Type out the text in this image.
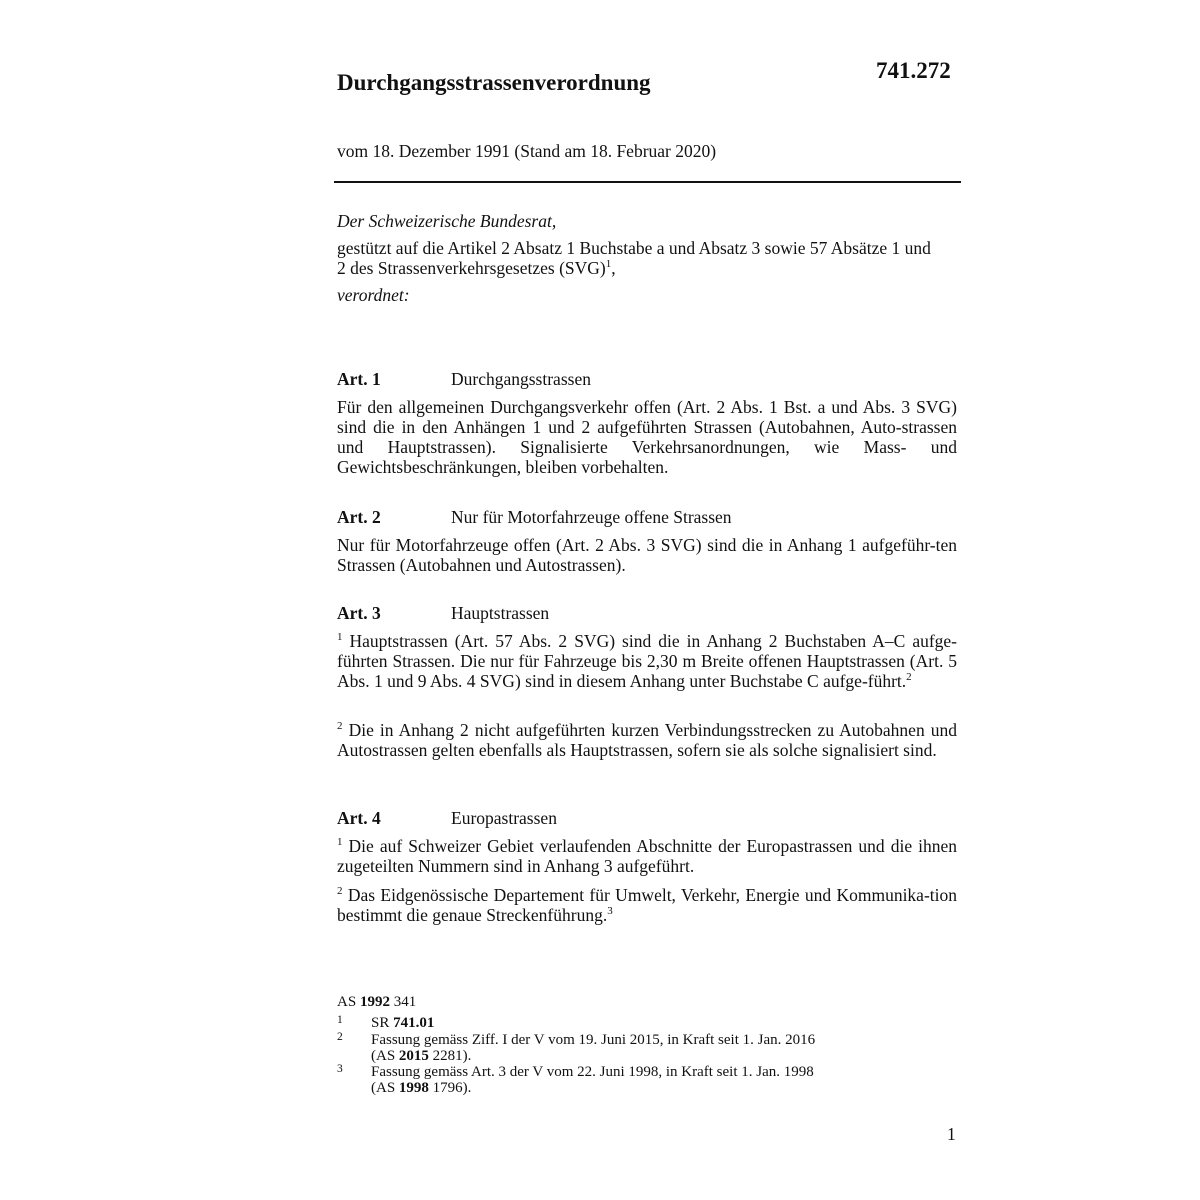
Durchgangsstrassenverordnung	741.272
vom 18. Dezember 1991 (Stand am 18. Februar 2020)
Der Schweizerische Bundesrat,
gestützt auf die Artikel 2 Absatz 1 Buchstabe a und Absatz 3 sowie 57 Absätze 1 und
2 des Strassenverkehrsgesetzes (SVG)$^1$,
verordnet:
Art. 1	Durchgangsstrassen
Für den allgemeinen Durchgangsverkehr offen (Art. 2 Abs. 1 Bst. a und Abs. 3 SVG) sind die in den Anhängen 1 und 2 aufgeführten Strassen (Autobahnen, Auto-strassen und Hauptstrassen). Signalisierte Verkehrsanordnungen, wie Mass- und Gewichtsbeschränkungen, bleiben vorbehalten.
Art. 2	Nur für Motorfahrzeuge offene Strassen
Nur für Motorfahrzeuge offen (Art. 2 Abs. 3 SVG) sind die in Anhang 1 aufgeführ-ten Strassen (Autobahnen und Autostrassen).
Art. 3	Hauptstrassen
$^1$ Hauptstrassen (Art. 57 Abs. 2 SVG) sind die in Anhang 2 Buchstaben A–C aufge-führten Strassen. Die nur für Fahrzeuge bis 2,30 m Breite offenen Hauptstrassen (Art. 5 Abs. 1 und 9 Abs. 4 SVG) sind in diesem Anhang unter Buchstabe C aufge-führt.$^2$
$^2$ Die in Anhang 2 nicht aufgeführten kurzen Verbindungsstrecken zu Autobahnen und Autostrassen gelten ebenfalls als Hauptstrassen, sofern sie als solche signalisiert sind.
Art. 4	Europastrassen
$^1$ Die auf Schweizer Gebiet verlaufenden Abschnitte der Europastrassen und die ihnen zugeteilten Nummern sind in Anhang 3 aufgeführt.
$^2$ Das Eidgenössische Departement für Umwelt, Verkehr, Energie und Kommunika-tion bestimmt die genaue Streckenführung.$^3$
AS 1992 341
1 SR 741.01
2 Fassung gemäss Ziff. I der V vom 19. Juni 2015, in Kraft seit 1. Jan. 2016
(AS 2015 2281).
3 Fassung gemäss Art. 3 der V vom 22. Juni 1998, in Kraft seit 1. Jan. 1998
(AS 1998 1796).
1
